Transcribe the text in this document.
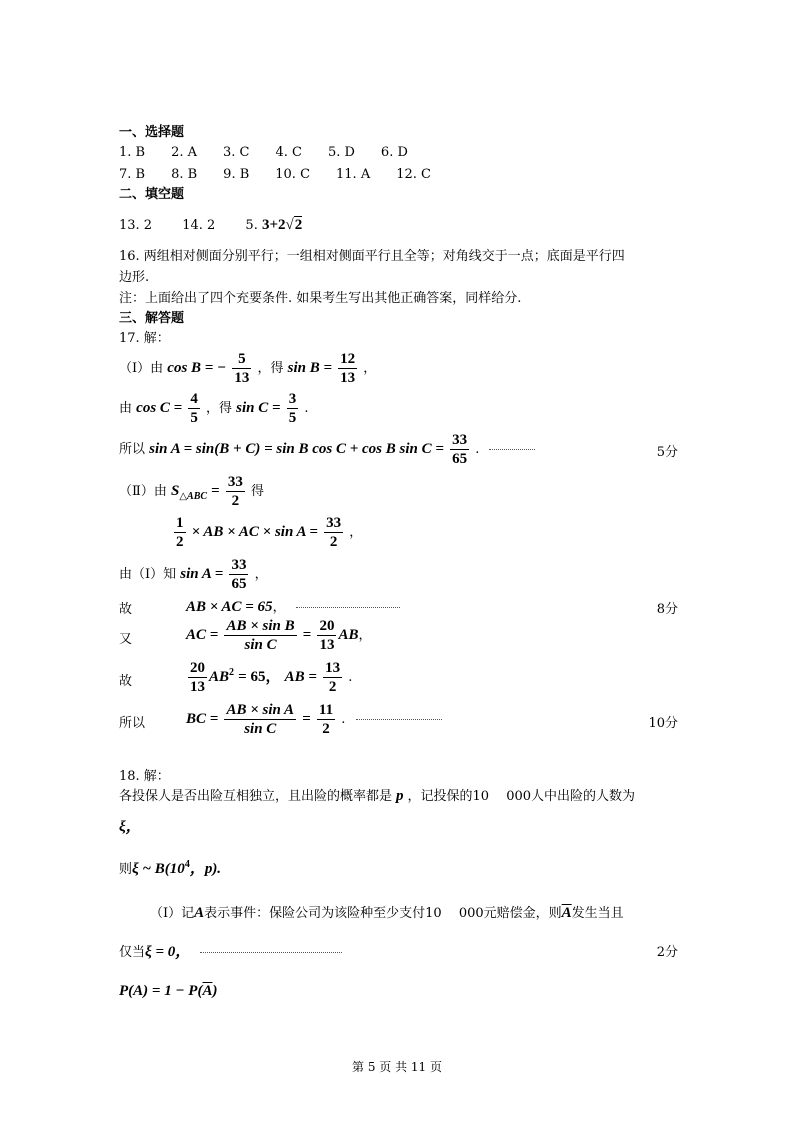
一、选择题
1. B　　2. A　　3. C　　4. C　　5. D　　6. D
7. B　　8. B　　9. B　　10. C　　11. A　　12. C
二、填空题
13. 2　　 14. 2　　 5. 3+2√2
16. 两组相对侧面分别平行；一组相对侧面平行且全等；对角线交于一点；底面是平行四
边形.
注：上面给出了四个充要条件. 如果考生写出其他正确答案，同样给分.
三、解答题
17. 解：
（Ⅰ）由 cos B = − $\frac{5}{13}$ ，得 $\sin B = \frac{12}{13}$ ，
由 $\cos C = \frac{4}{5}$ ，得 $\sin C = \frac{3}{5}$ .
所以 sin A = sin(B + C) = sin B cos C + cos B $\sin C = \frac{33}{65}$ .	5分
（Ⅱ）由 $S_{\triangle ABC} = \frac{33}{2}$ 得
$\frac{1}{2}$ × AB × AC × $\sin A = \frac{33}{2}$ ，
由（Ⅰ）知 $\sin A = \frac{33}{65}$ ，
故	AB × AC = 65，	8分
又	AC = $\frac{\text{AB × sin B}}{\text{sin C}} = \frac{20}{13}$ AB，
故	$\frac{20}{13} AB^2 = 65$， AB = $\frac{13}{2}$ .
所以	BC = $\frac{\text{AB × sin A}}{\text{sin C}} = \frac{11}{2}$ .	10分
18. 解：
各投保人是否出险互相独立，且出险的概率都是 p ，记投保的10　 000人中出险的人数为
ξ，
则ξ ~ $B(10^4$，p).
（Ⅰ）记A表示事件：保险公司为该险种至少支付10　 000元赔偿金，则$\overline{A}$发生当且
仅当ξ = 0，	2分
$P(A) = 1 - P(\overline{A})$
第 5 页 共 11 页
